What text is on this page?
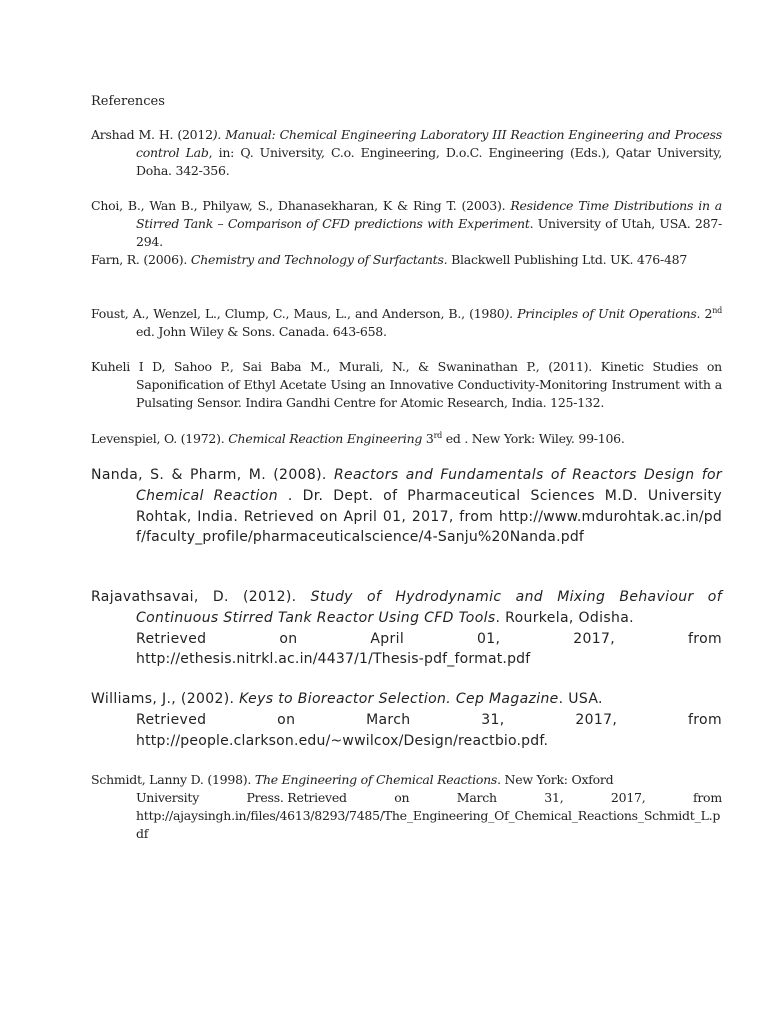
References

Arshad M. H. (2012). Manual: Chemical Engineering Laboratory III Reaction Engineering and Process control Lab, in: Q. University, C.o. Engineering, D.o.C. Engineering (Eds.), Qatar University, Doha. 342-356.

Choi, B., Wan B., Philyaw, S., Dhanasekharan, K & Ring T. (2003). Residence Time Distributions in a Stirred Tank – Comparison of CFD predictions with Experiment. University of Utah, USA. 287-294.

Farn, R. (2006). Chemistry and Technology of Surfactants. Blackwell Publishing Ltd. UK. 476-487

Foust, A., Wenzel, L., Clump, C., Maus, L., and Anderson, B., (1980). Principles of Unit Operations. 2nd ed. John Wiley & Sons. Canada. 643-658.

Kuheli I D, Sahoo P., Sai Baba M., Murali, N., & Swaninathan P., (2011). Kinetic Studies on Saponification of Ethyl Acetate Using an Innovative Conductivity-Monitoring Instrument with a Pulsating Sensor. Indira Gandhi Centre for Atomic Research, India. 125-132.

Levenspiel, O. (1972). Chemical Reaction Engineering 3rd ed . New York: Wiley. 99-106.

Nanda, S. & Pharm, M. (2008). Reactors and Fundamentals of Reactors Design for Chemical Reaction . Dr. Dept. of Pharmaceutical Sciences M.D. University Rohtak, India. Retrieved on April 01, 2017, from http://www.mdurohtak.ac.in/pdf/faculty_profile/pharmaceuticalscience/4-Sanju%20Nanda.pdf

Rajavathsavai, D. (2012). Study of Hydrodynamic and Mixing Behaviour of Continuous Stirred Tank Reactor Using CFD Tools. Rourkela, Odisha.
Retrieved	on	April	01,	2017,	from
http://ethesis.nitrkl.ac.in/4437/1/Thesis-pdf_format.pdf
Williams, J., (2002). Keys to Bioreactor Selection. Cep Magazine. USA.
Retrieved	on	March	31,	2017,	from
http://people.clarkson.edu/~wwilcox/Design/reactbio.pdf.
Schmidt, Lanny D. (1998). The Engineering of Chemical Reactions. New York: Oxford
University	Press. Retrieved	on	March	31,	2017,	from
http://ajaysingh.in/files/4613/8293/7485/The_Engineering_Of_Chemical_Reactions_Schmidt_L.pdf
